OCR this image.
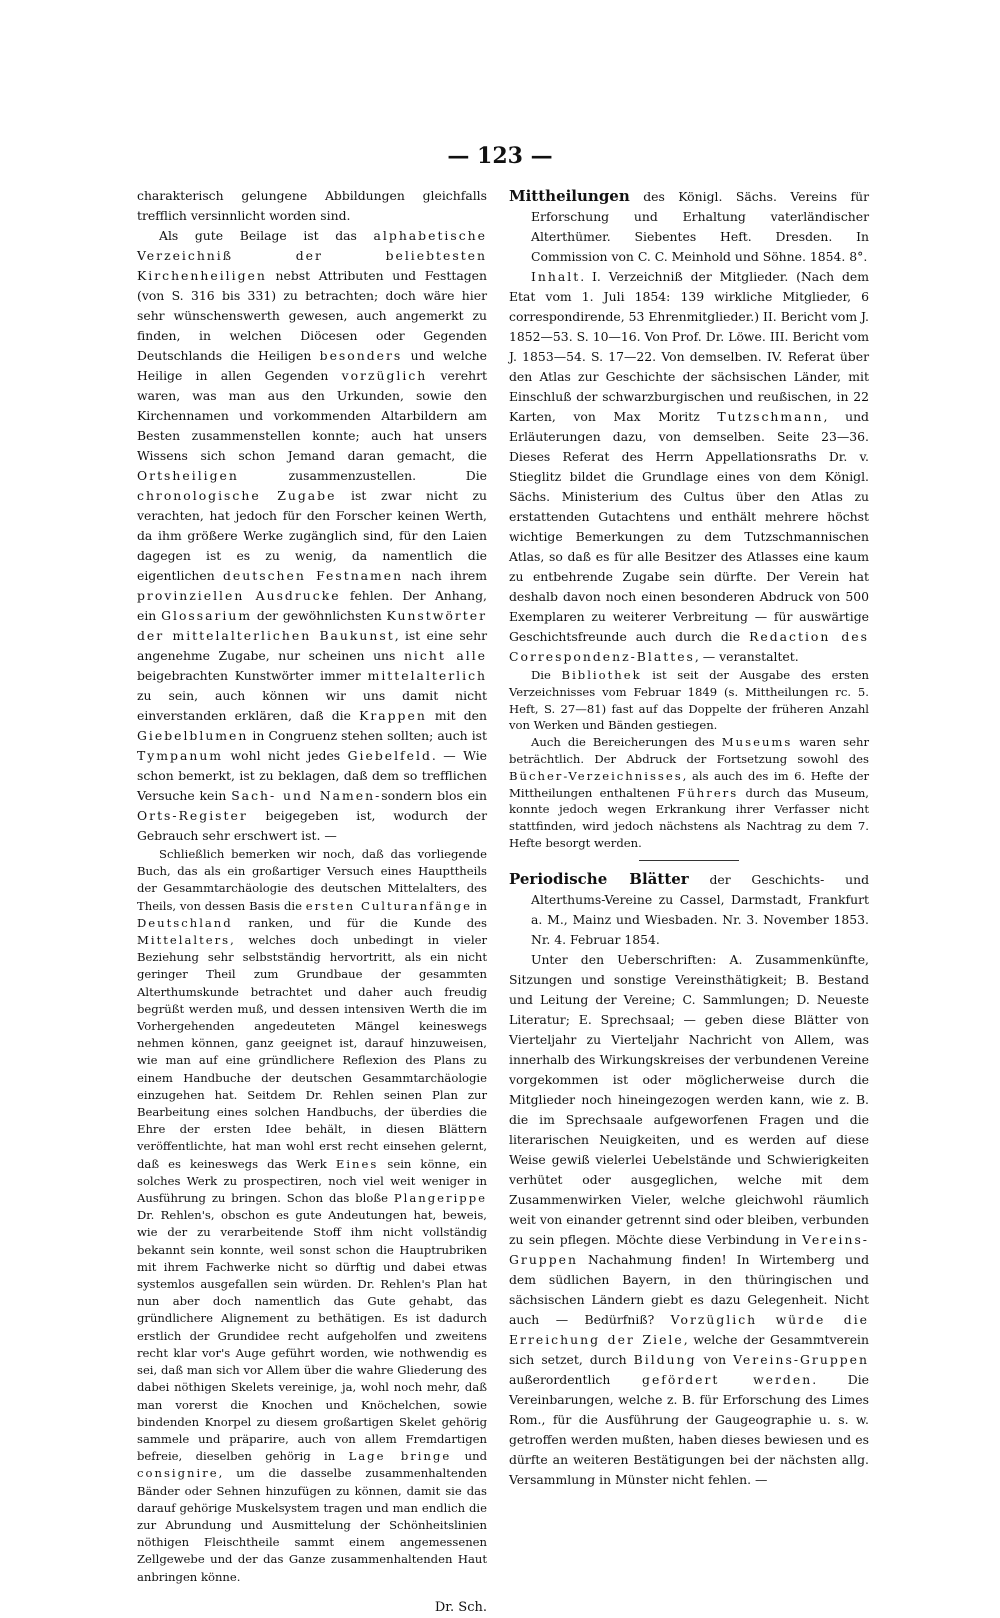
— 123 —

charakterisch gelungene Abbildungen gleichfalls trefflich versinnlicht worden sind.

Als gute Beilage ist das alphabetische Verzeichniß der beliebtesten Kirchenheiligen nebst Attributen und Festtagen (von S. 316 bis 331) zu betrachten; doch wäre hier sehr wünschenswerth gewesen, auch angemerkt zu finden, in welchen Diöcesen oder Gegenden Deutschlands die Heiligen besonders und welche Heilige in allen Gegenden vorzüglich verehrt waren, was man aus den Urkunden, sowie den Kirchennamen und vorkommenden Altarbildern am Besten zusammenstellen konnte; auch hat unsers Wissens sich schon Jemand daran gemacht, die Ortsheiligen zusammenzustellen. Die chronologische Zugabe ist zwar nicht zu verachten, hat jedoch für den Forscher keinen Werth, da ihm größere Werke zugänglich sind, für den Laien dagegen ist es zu wenig, da namentlich die eigentlichen deutschen Festnamen nach ihrem provinziellen Ausdrucke fehlen. Der Anhang, ein Glossarium der gewöhnlichsten Kunstwörter der mittelalterlichen Baukunst, ist eine sehr angenehme Zugabe, nur scheinen uns nicht alle beigebrachten Kunstwörter immer mittelalterlich zu sein, auch können wir uns damit nicht einverstanden erklären, daß die Krappen mit den Giebelblumen in Congruenz stehen sollten; auch ist Tympanum wohl nicht jedes Giebelfeld. — Wie schon bemerkt, ist zu beklagen, daß dem so trefflichen Versuche kein Sach- und Namen-sondern blos ein Orts-Register beigegeben ist, wodurch der Gebrauch sehr erschwert ist. —

Schließlich bemerken wir noch, daß das vorliegende Buch, das als ein großartiger Versuch eines Haupttheils der Gesammtarchäologie des deutschen Mittelalters, des Theils, von dessen Basis die ersten Culturanfänge in Deutschland ranken, und für die Kunde des Mittelalters, welches doch unbedingt in vieler Beziehung sehr selbstständig hervortritt, als ein nicht geringer Theil zum Grundbaue der gesammten Alterthumskunde betrachtet und daher auch freudig begrüßt werden muß, und dessen intensiven Werth die im Vorhergehenden angedeuteten Mängel keineswegs nehmen können, ganz geeignet ist, darauf hinzuweisen, wie man auf eine gründlichere Reflexion des Plans zu einem Handbuche der deutschen Gesammtarchäologie einzugehen hat. Seitdem Dr. Rehlen seinen Plan zur Bearbeitung eines solchen Handbuchs, der überdies die Ehre der ersten Idee behält, in diesen Blättern veröffentlichte, hat man wohl erst recht einsehen gelernt, daß es keineswegs das Werk Eines sein könne, ein solches Werk zu prospectiren, noch viel weit weniger in Ausführung zu bringen. Schon das bloße Plangerippe Dr. Rehlen's, obschon es gute Andeutungen hat, beweis, wie der zu verarbeitende Stoff ihm nicht vollständig bekannt sein konnte, weil sonst schon die Hauptrubriken mit ihrem Fachwerke nicht so dürftig und dabei etwas systemlos ausgefallen sein würden. Dr. Rehlen's Plan hat nun aber doch namentlich das Gute gehabt, das gründlichere Alignement zu bethätigen. Es ist dadurch erstlich der Grundidee recht aufgeholfen und zweitens recht klar vor's Auge geführt worden, wie nothwendig es sei, daß man sich vor Allem über die wahre Gliederung des dabei nöthigen Skelets vereinige, ja, wohl noch mehr, daß man vorerst die Knochen und Knöchelchen, sowie bindenden Knorpel zu diesem großartigen Skelet gehörig sammele und präparire, auch von allem Fremdartigen befreie, dieselben gehörig in Lage bringe und consignire, um die dasselbe zusammenhaltenden Bänder oder Sehnen hinzufügen zu können, damit sie das darauf gehörige Muskelsystem tragen und man endlich die zur Abrundung und Ausmittelung der Schönheitslinien nöthigen Fleischtheile sammt einem angemessenen Zellgewebe und der das Ganze zusammenhaltenden Haut anbringen könne.

Dr. Sch.

Mittheilungen des Königl. Sächs. Vereins für Erforschung und Erhaltung vaterländischer Alterthümer. Siebentes Heft. Dresden. In Commission von C. C. Meinhold und Söhne. 1854. 8°.

Inhalt. I. Verzeichniß der Mitglieder. (Nach dem Etat vom 1. Juli 1854: 139 wirkliche Mitglieder, 6 correspondirende, 53 Ehrenmitglieder.) II. Bericht vom J. 1852—53. S. 10—16. Von Prof. Dr. Löwe. III. Bericht vom J. 1853—54. S. 17—22. Von demselben. IV. Referat über den Atlas zur Geschichte der sächsischen Länder, mit Einschluß der schwarzburgischen und reußischen, in 22 Karten, von Max Moritz Tutzschmann, und Erläuterungen dazu, von demselben. Seite 23—36. Dieses Referat des Herrn Appellationsraths Dr. v. Stieglitz bildet die Grundlage eines von dem Königl. Sächs. Ministerium des Cultus über den Atlas zu erstattenden Gutachtens und enthält mehrere höchst wichtige Bemerkungen zu dem Tutzschmannischen Atlas, so daß es für alle Besitzer des Atlasses eine kaum zu entbehrende Zugabe sein dürfte. Der Verein hat deshalb davon noch einen besonderen Abdruck von 500 Exemplaren zu weiterer Verbreitung — für auswärtige Geschichtsfreunde auch durch die Redaction des Correspondenz-Blattes, — veranstaltet.

Die Bibliothek ist seit der Ausgabe des ersten Verzeichnisses vom Februar 1849 (s. Mittheilungen rc. 5. Heft, S. 27—81) fast auf das Doppelte der früheren Anzahl von Werken und Bänden gestiegen.

Auch die Bereicherungen des Museums waren sehr beträchtlich. Der Abdruck der Fortsetzung sowohl des Bücher-Verzeichnisses, als auch des im 6. Hefte der Mittheilungen enthaltenen Führers durch das Museum, konnte jedoch wegen Erkrankung ihrer Verfasser nicht stattfinden, wird jedoch nächstens als Nachtrag zu dem 7. Hefte besorgt werden.

Periodische Blätter der Geschichts- und Alterthums-Vereine zu Cassel, Darmstadt, Frankfurt a. M., Mainz und Wiesbaden. Nr. 3. November 1853. Nr. 4. Februar 1854.

Unter den Ueberschriften: A. Zusammenkünfte, Sitzungen und sonstige Vereinsthätigkeit; B. Bestand und Leitung der Vereine; C. Sammlungen; D. Neueste Literatur; E. Sprechsaal; — geben diese Blätter von Vierteljahr zu Vierteljahr Nachricht von Allem, was innerhalb des Wirkungskreises der verbundenen Vereine vorgekommen ist oder möglicherweise durch die Mitglieder noch hineingezogen werden kann, wie z. B. die im Sprechsaale aufgeworfenen Fragen und die literarischen Neuigkeiten, und es werden auf diese Weise gewiß vielerlei Uebelstände und Schwierigkeiten verhütet oder ausgeglichen, welche mit dem Zusammenwirken Vieler, welche gleichwohl räumlich weit von einander getrennt sind oder bleiben, verbunden zu sein pflegen. Möchte diese Verbindung in Vereins-Gruppen Nachahmung finden! In Wirtemberg und dem südlichen Bayern, in den thüringischen und sächsischen Ländern giebt es dazu Gelegenheit. Nicht auch — Bedürfniß? Vorzüglich würde die Erreichung der Ziele, welche der Gesammtverein sich setzet, durch Bildung von Vereins-Gruppen außerordentlich gefördert werden. Die Vereinbarungen, welche z. B. für Erforschung des Limes Rom., für die Ausführung der Gaugeographie u. s. w. getroffen werden mußten, haben dieses bewiesen und es dürfte an weiteren Bestätigungen bei der nächsten allg. Versammlung in Münster nicht fehlen. —
